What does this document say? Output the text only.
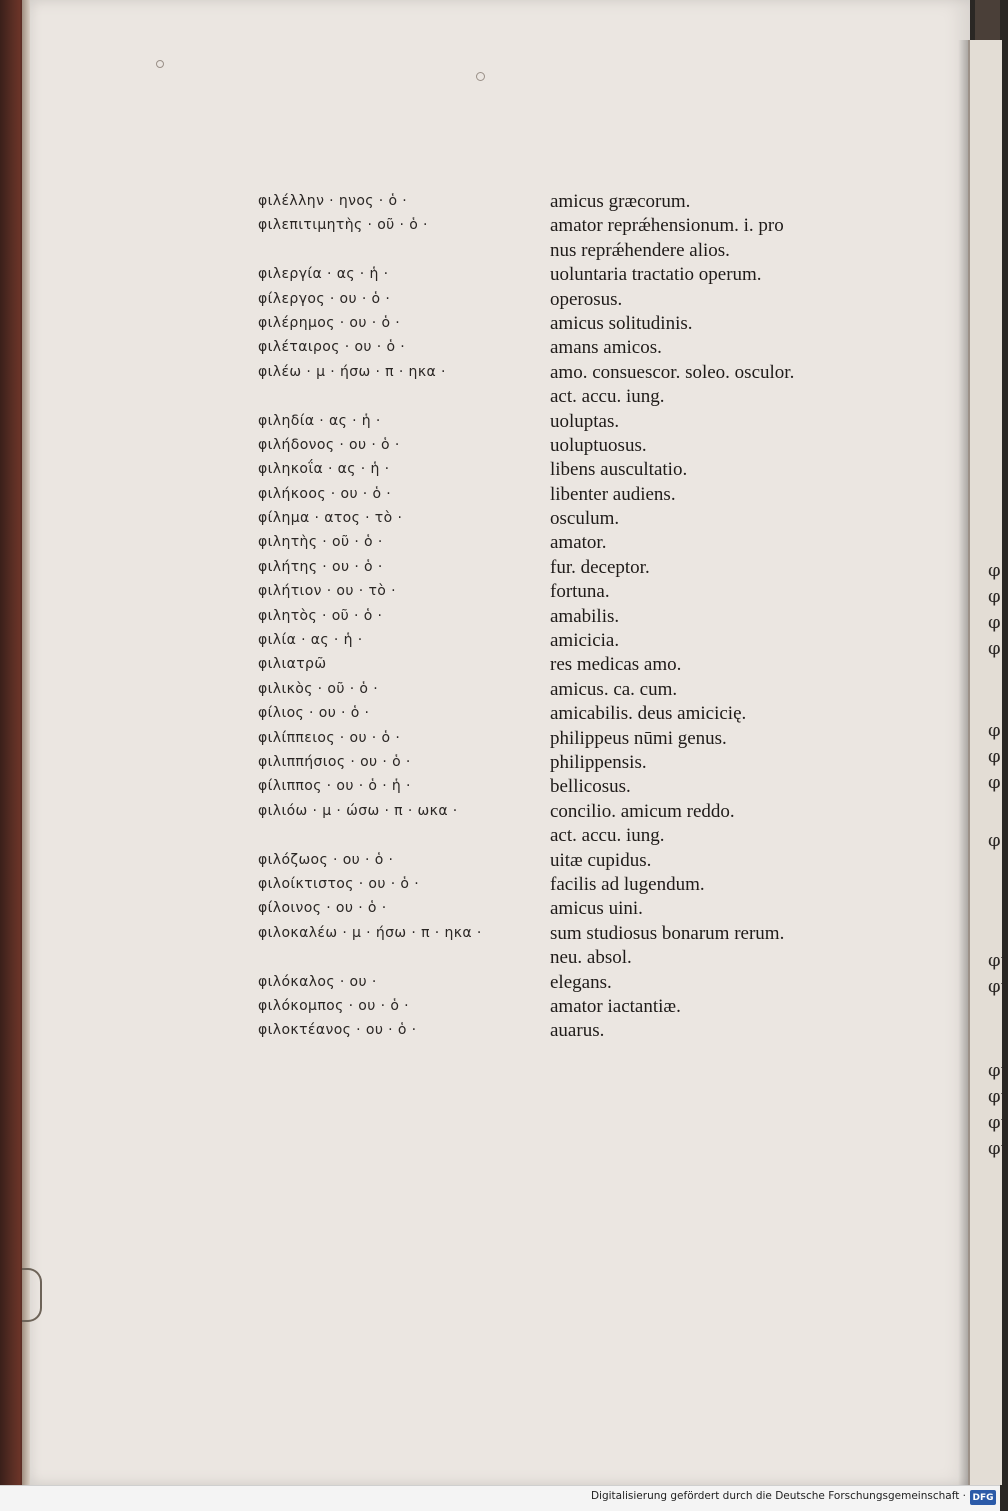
φ
φ
φ
φ
φ
φ
φ
φ
φι
φι
φι
φι
φι
φι
φιλέλλην · ηνος · ὁ ·	amicus græcorum.
φιλεπιτιμητὴς · οῦ · ὁ ·	amator reprǽhensionum. i. pro
nus reprǽhendere alios.
φιλεργία · ας · ἡ ·	uoluntaria tractatio operum.
φίλεργος · ου · ὁ ·	operosus.
φιλέρημος · ου · ὁ ·	amicus solitudinis.
φιλέταιρος · ου · ὁ ·	amans amicos.
φιλέω · μ · ήσω · π · ηκα ·	amo. consuescor. soleo. osculor.
act. accu. iung.
φιληδία · ας · ἡ ·	uoluptas.
φιλήδονος · ου · ὁ ·	uoluptuosus.
φιληκοΐα · ας · ἡ ·	libens auscultatio.
φιλήκοος · ου · ὁ ·	libenter audiens.
φίλημα · ατος · τὸ ·	osculum.
φιλητὴς · οῦ · ὁ ·	amator.
φιλήτης · ου · ὁ ·	fur. deceptor.
φιλήτιον · ου · τὸ ·	fortuna.
φιλητὸς · οῦ · ὁ ·	amabilis.
φιλία · ας · ἡ ·	amicicia.
φιλιατρῶ	res medicas amo.
φιλικὸς · οῦ · ὁ ·	amicus. ca. cum.
φίλιος · ου · ὁ ·	amicabilis. deus amicicię.
φιλίππειος · ου · ὁ ·	philippeus nūmi genus.
φιλιππήσιος · ου · ὁ ·	philippensis.
φίλιππος · ου · ὁ · ἡ ·	bellicosus.
φιλιόω · μ · ώσω · π · ωκα ·	concilio. amicum reddo.
act. accu. iung.
φιλόζωος · ου · ὁ ·	uitæ cupidus.
φιλοίκτιστος · ου · ὁ ·	facilis ad lugendum.
φίλοινος · ου · ὁ ·	amicus uini.
φιλοκαλέω · μ · ήσω · π · ηκα ·	sum studiosus bonarum rerum.
neu. absol.
φιλόκαλος · ου ·	elegans.
φιλόκομπος · ου · ὁ ·	amator iactantiæ.
φιλοκτέανος · ου · ὁ ·	auarus.
Digitalisierung gefördert durch die Deutsche Forschungsgemeinschaft · DFG
